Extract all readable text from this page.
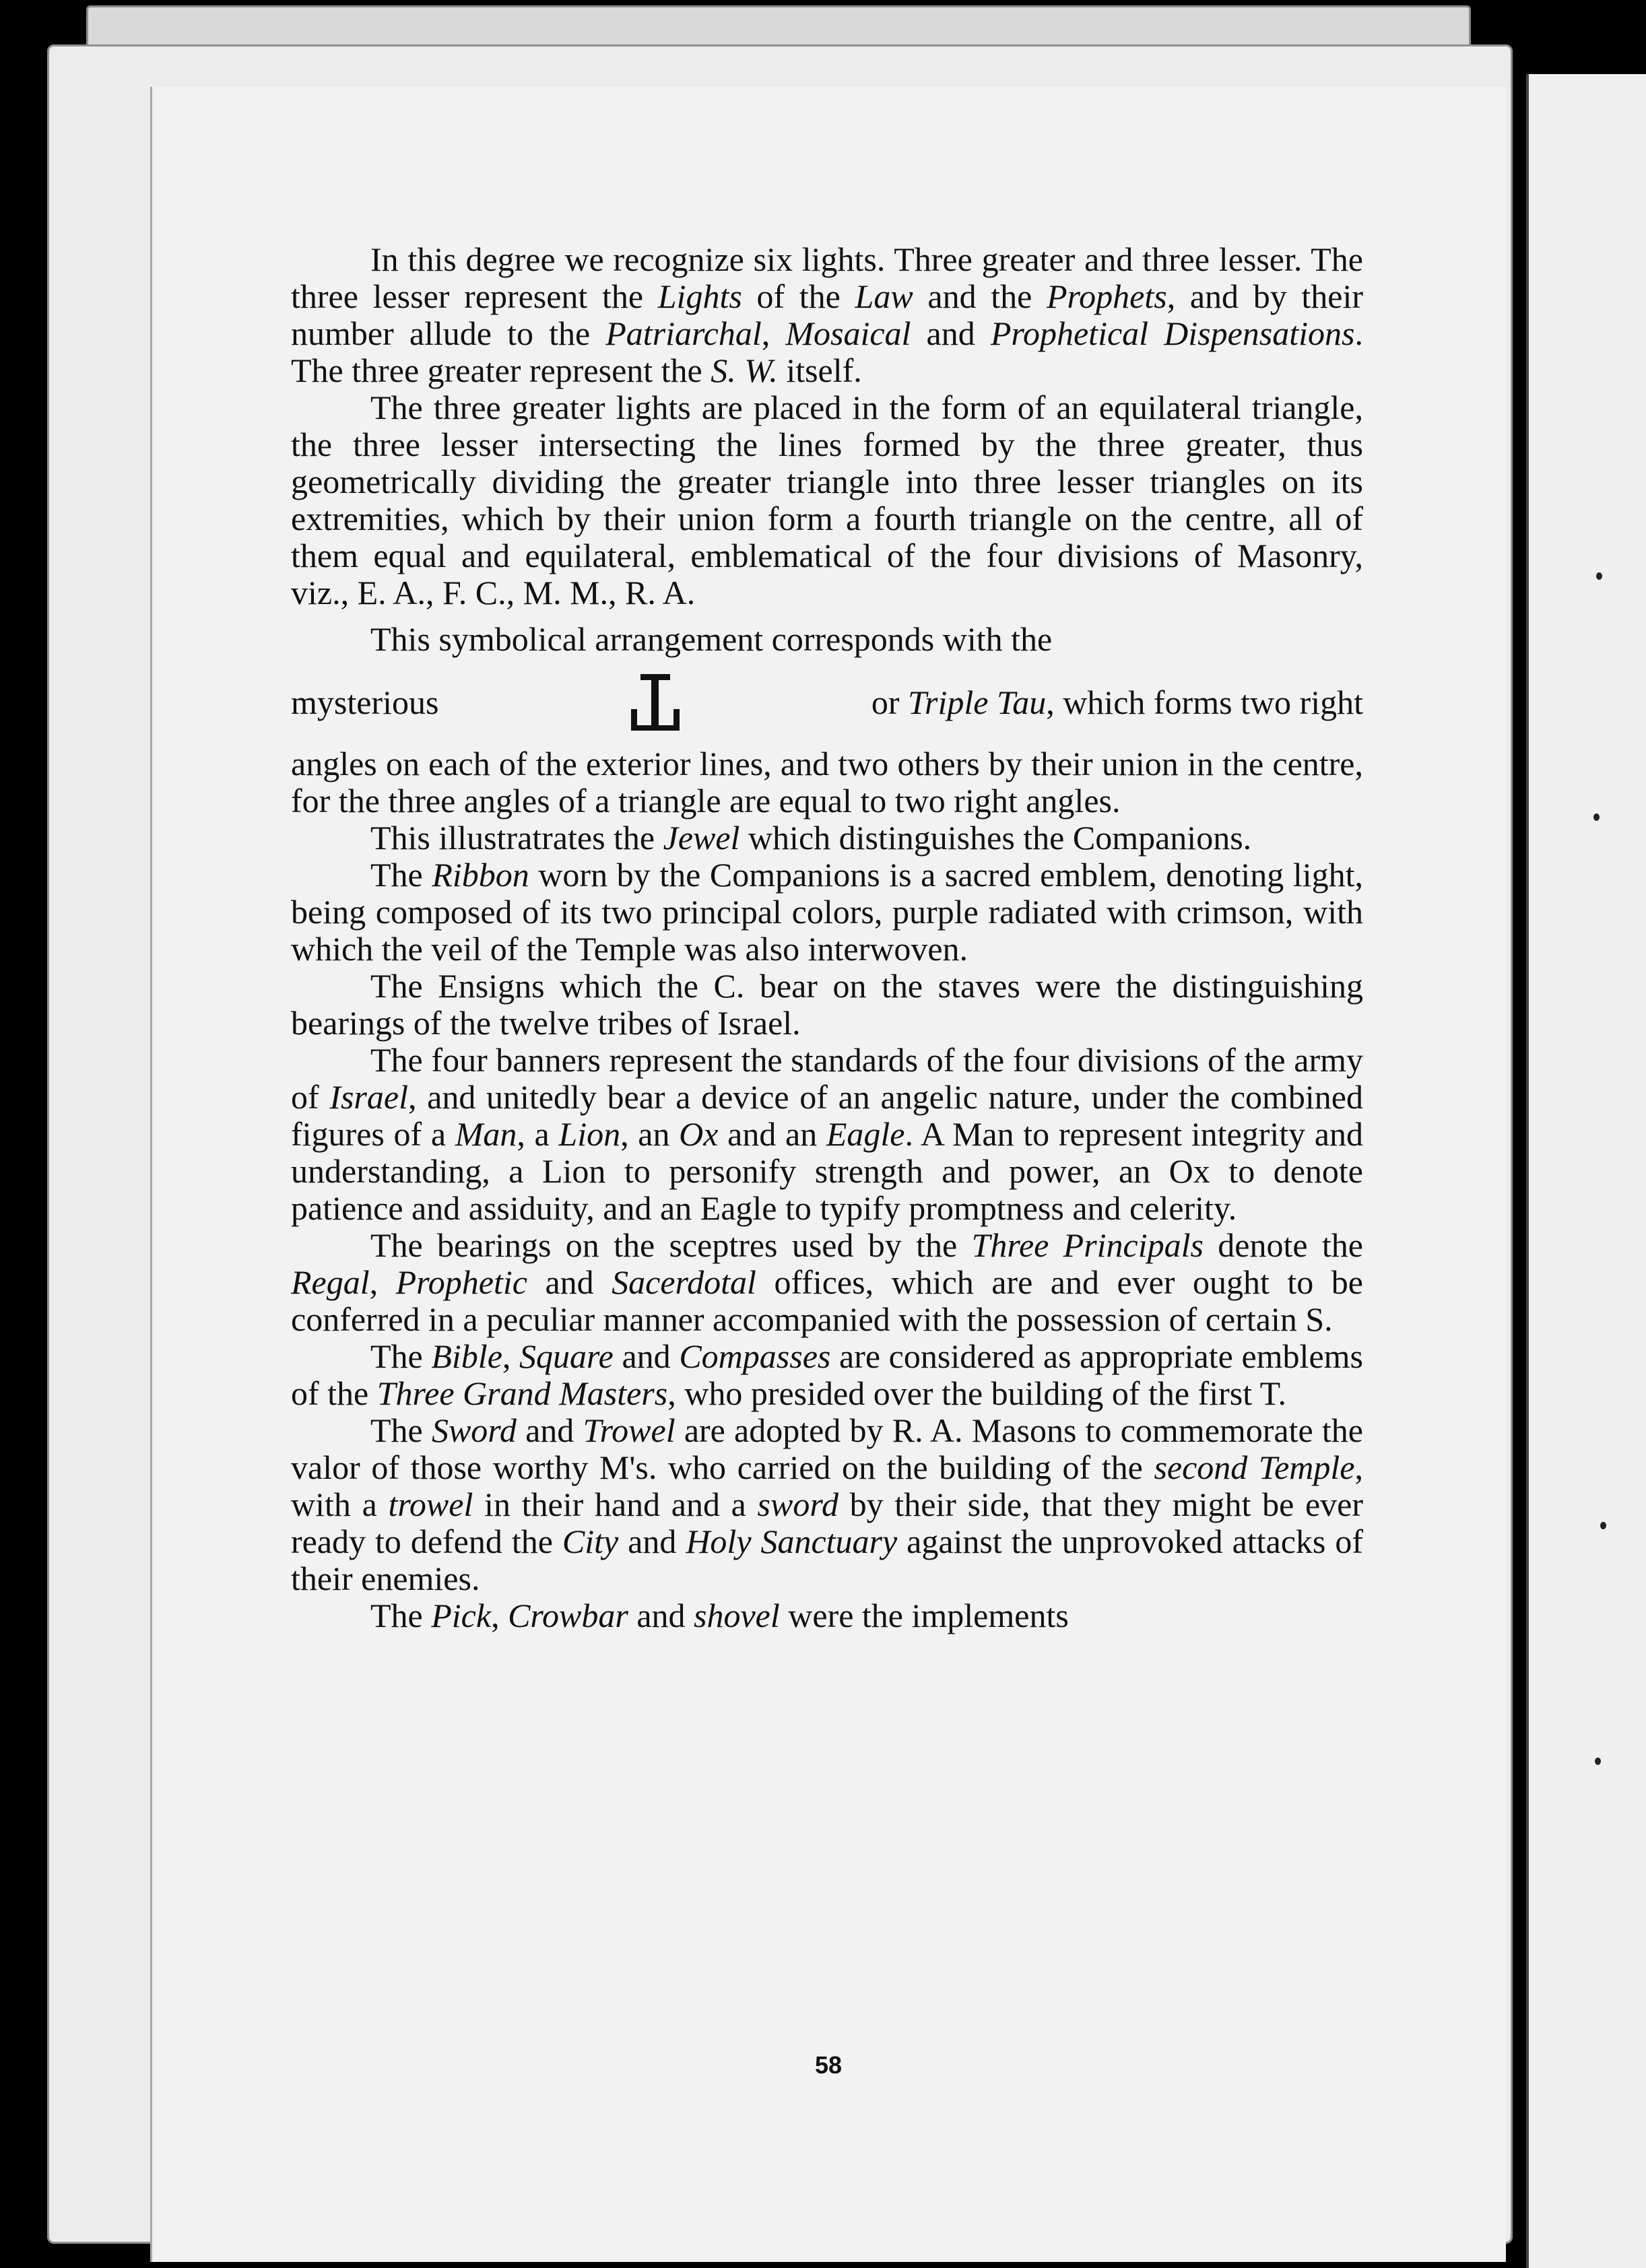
In this degree we recognize six lights. Three greater and three lesser. The three lesser represent the Lights of the Law and the Prophets, and by their number allude to the Patriarchal, Mosaical and Prophetical Dispensations. The three greater represent the S. W. itself.

The three greater lights are placed in the form of an equilateral triangle, the three lesser intersecting the lines formed by the three greater, thus geometrically dividing the greater triangle into three lesser triangles on its extremities, which by their union form a fourth triangle on the centre, all of them equal and equilateral, emblematical of the four divisions of Masonry, viz., E. A., F. C., M. M., R. A.

This symbolical arrangement corresponds with the

mysterious	or Triple Tau, which forms two right

angles on each of the exterior lines, and two others by their union in the centre, for the three angles of a triangle are equal to two right angles.

This illustratrates the Jewel which distinguishes the Companions.

The Ribbon worn by the Companions is a sacred emblem, denoting light, being composed of its two principal colors, purple radiated with crimson, with which the veil of the Temple was also interwoven.

The Ensigns which the C. bear on the staves were the distinguishing bearings of the twelve tribes of Israel.

The four banners represent the standards of the four divisions of the army of Israel, and unitedly bear a device of an angelic nature, under the combined figures of a Man, a Lion, an Ox and an Eagle. A Man to represent integrity and understanding, a Lion to personify strength and power, an Ox to denote patience and assiduity, and an Eagle to typify promptness and celerity.

The bearings on the sceptres used by the Three Principals denote the Regal, Prophetic and Sacerdotal offices, which are and ever ought to be conferred in a peculiar manner accompanied with the possession of certain S.

The Bible, Square and Compasses are considered as appropriate emblems of the Three Grand Masters, who presided over the building of the first T.

The Sword and Trowel are adopted by R. A. Masons to commemorate the valor of those worthy M's. who carried on the building of the second Temple, with a trowel in their hand and a sword by their side, that they might be ever ready to defend the City and Holy Sanctuary against the unprovoked attacks of their enemies.

The Pick, Crowbar and shovel were the implements

58
